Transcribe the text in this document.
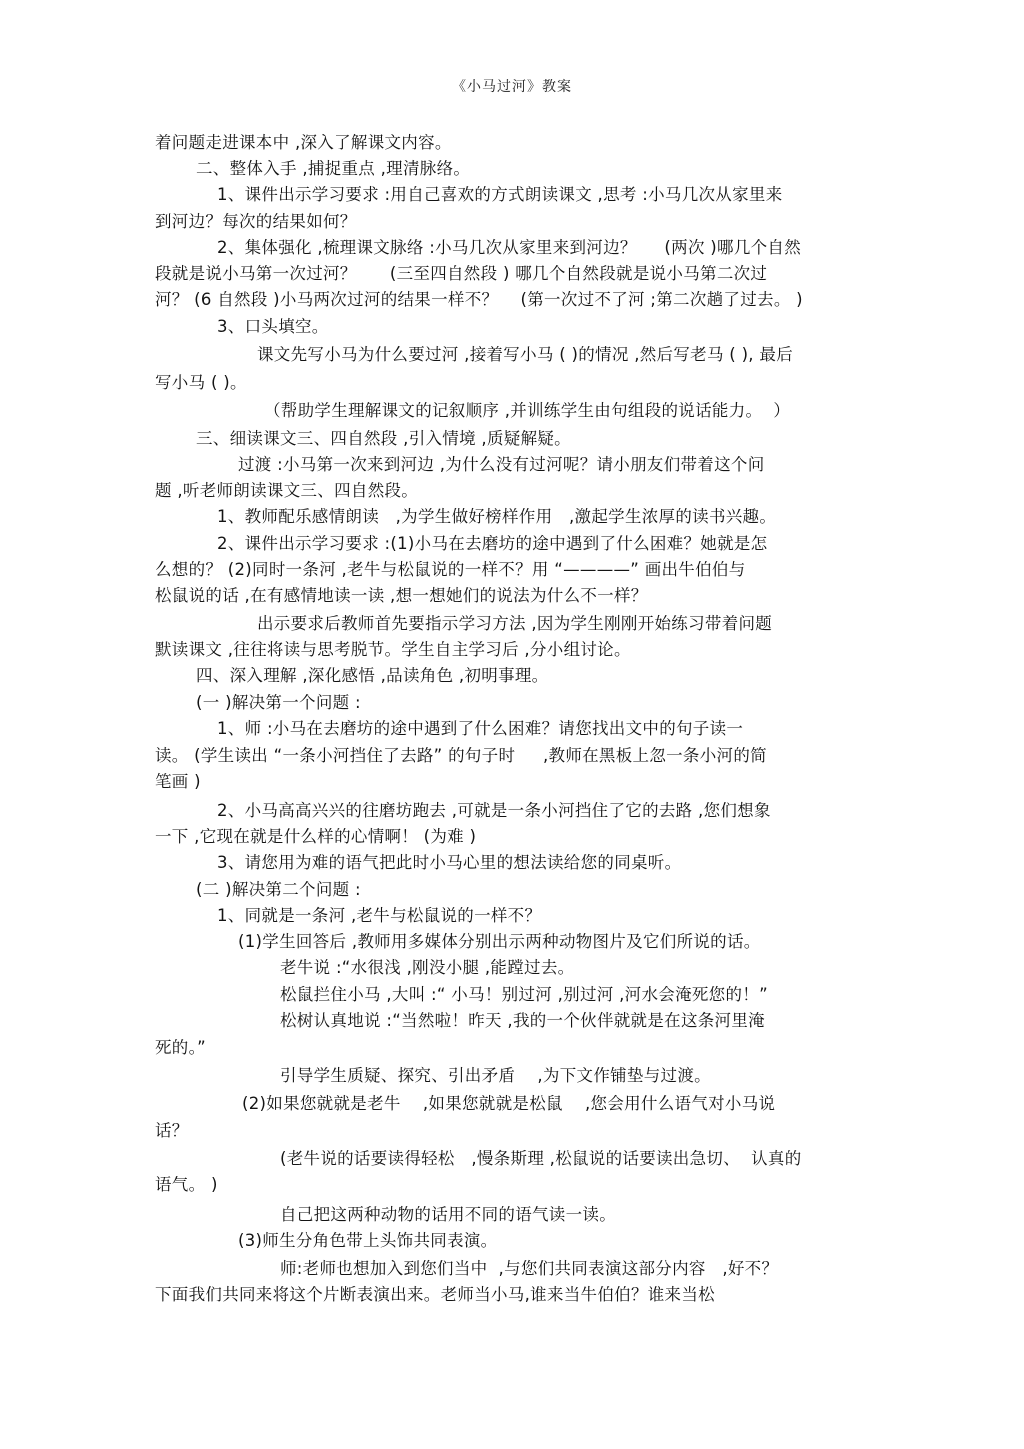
《小马过河》教案
着问题走进课本中 ,深入了解课文内容。
二、整体入手 ,捕捉重点 ,理清脉络。
1、课件出示学习要求 :用自己喜欢的方式朗读课文 ,思考 :小马几次从家里来
到河边？每次的结果如何？
2、集体强化 ,梳理课文脉络 :小马几次从家里来到河边？     (两次 )哪几个自然
段就是说小马第一次过河？      (三至四自然段 ) 哪几个自然段就是说小马第二次过
河？ (6 自然段 )小马两次过河的结果一样不？    (第一次过不了河 ;第二次趟了过去。 )
3、口头填空。
课文先写小马为什么要过河 ,接着写小马 ( )的情况 ,然后写老马 ( ), 最后
写小马 ( )。
（帮助学生理解课文的记叙顺序 ,并训练学生由句组段的说话能力。  ）
三、细读课文三、四自然段 ,引入情境 ,质疑解疑。
过渡 :小马第一次来到河边 ,为什么没有过河呢？请小朋友们带着这个问
题 ,听老师朗读课文三、四自然段。
1、教师配乐感情朗读   ,为学生做好榜样作用   ,激起学生浓厚的读书兴趣。
2、课件出示学习要求 :(1)小马在去磨坊的途中遇到了什么困难？她就是怎
么想的？ (2)同时一条河 ,老牛与松鼠说的一样不？用 “————” 画出牛伯伯与
松鼠说的话 ,在有感情地读一读 ,想一想她们的说法为什么不一样？
出示要求后教师首先要指示学习方法 ,因为学生刚刚开始练习带着问题
默读课文 ,往往将读与思考脱节。学生自主学习后 ,分小组讨论。
四、深入理解 ,深化感悟 ,品读角色 ,初明事理。
(一 )解决第一个问题 :
1、师 :小马在去磨坊的途中遇到了什么困难？请您找出文中的句子读一
读。 (学生读出 “一条小河挡住了去路” 的句子时     ,教师在黑板上忽一条小河的简
笔画 )
2、小马高高兴兴的往磨坊跑去 ,可就是一条小河挡住了它的去路 ,您们想象
一下 ,它现在就是什么样的心情啊！ (为难 )
3、请您用为难的语气把此时小马心里的想法读给您的同桌听。
(二 )解决第二个问题 :
1、同就是一条河 ,老牛与松鼠说的一样不？
(1)学生回答后 ,教师用多媒体分别出示两种动物图片及它们所说的话。
老牛说 :“水很浅 ,刚没小腿 ,能蹚过去。
松鼠拦住小马 ,大叫 :“ 小马！别过河 ,别过河 ,河水会淹死您的！”
松树认真地说 :“当然啦！昨天 ,我的一个伙伴就就是在这条河里淹
死的。”
引导学生质疑、探究、引出矛盾    ,为下文作铺垫与过渡。
(2)如果您就就是老牛    ,如果您就就是松鼠    ,您会用什么语气对小马说
话？
(老牛说的话要读得轻松   ,慢条斯理 ,松鼠说的话要读出急切、  认真的
语气。 )
自己把这两种动物的话用不同的语气读一读。
(3)师生分角色带上头饰共同表演。
师:老师也想加入到您们当中  ,与您们共同表演这部分内容   ,好不？
下面我们共同来将这个片断表演出来。老师当小马,谁来当牛伯伯？谁来当松
